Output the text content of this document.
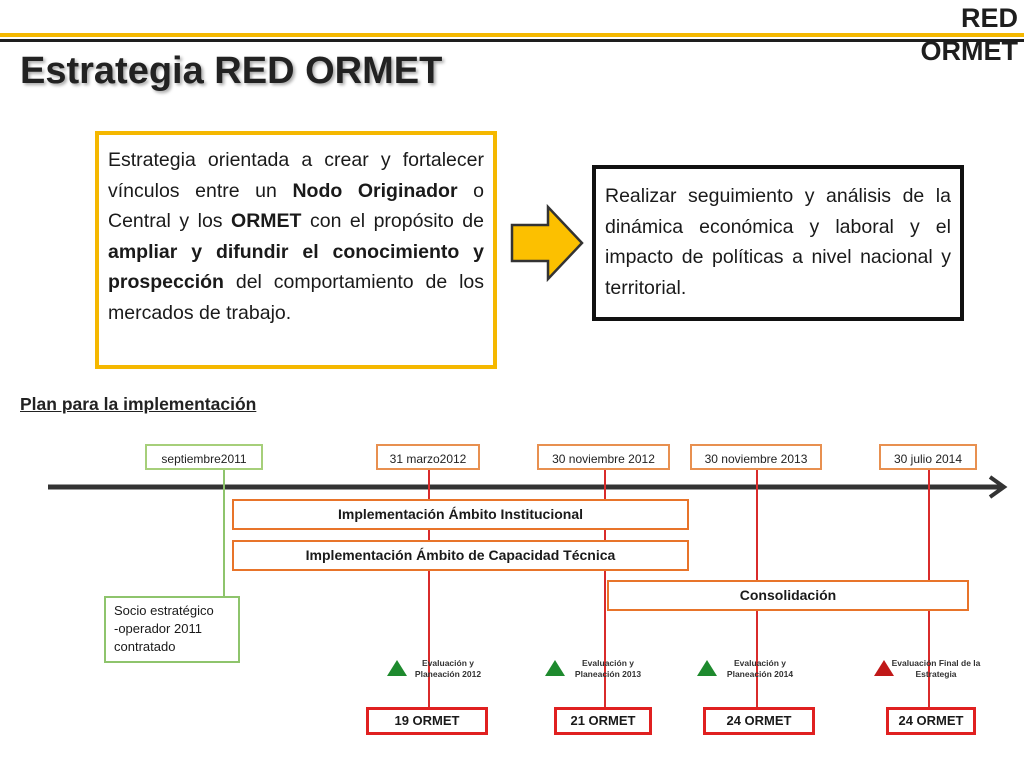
RED
ORMET
Estrategia RED ORMET
Estrategia orientada a crear y fortalecer vínculos entre un Nodo Originador o Central y los ORMET con el propósito de ampliar y difundir el conocimiento y prospección del comportamiento de los mercados de trabajo.
Realizar seguimiento y análisis de la dinámica económica y laboral y el impacto de políticas a nivel nacional y territorial.
Plan para la implementación
septiembre2011	31 marzo2012	30 noviembre 2012	30 noviembre 2013	30 julio 2014
Implementación Ámbito Institucional
Implementación Ámbito de Capacidad Técnica
Consolidación
Socio estratégico
-operador 2011
contratado
Evaluación y
Planeación 2012
Evaluación y
Planeación 2013
Evaluación y
Planeación 2014
Evaluación Final de la
Estrategia
19 ORMET	21 ORMET	24 ORMET	24 ORMET
